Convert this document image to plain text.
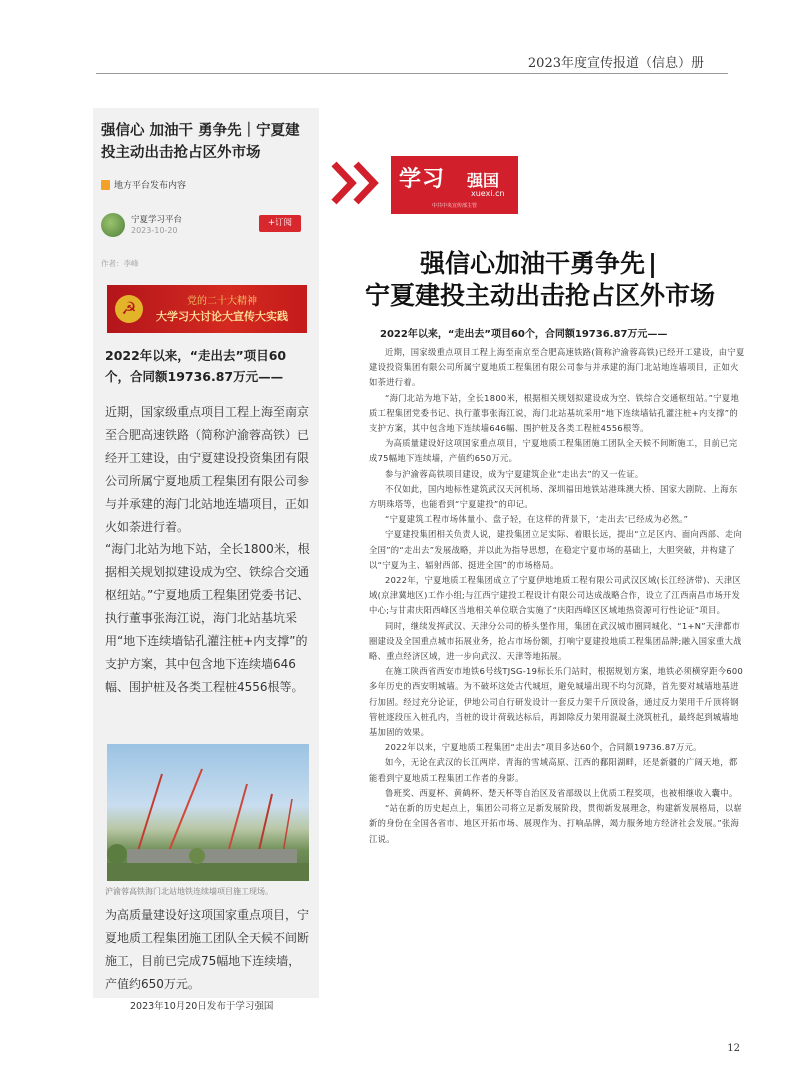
2023年度宣传报道（信息）册
强信心 加油干 勇争先｜宁夏建投主动出击抢占区外市场
地方平台发布内容
宁夏学习平台
2023-10-20
+订阅
作者：李峰
☭	党的二十大精神
大学习大讨论大宣传大实践
2022年以来，“走出去”项目60个，合同额19736.87万元——
近期，国家级重点项目工程上海至南京至合肥高速铁路（简称沪渝蓉高铁）已经开工建设，由宁夏建设投资集团有限公司所属宁夏地质工程集团有限公司参与并承建的海门北站地连墙项目，正如火如荼进行着。
“海门北站为地下站，全长1800米，根据相关规划拟建设成为空、铁综合交通枢纽站。”宁夏地质工程集团党委书记、执行董事张海江说，海门北站基坑采用“地下连续墙钻孔灌注桩+内支撑”的支护方案，其中包含地下连续墙646幅、围护桩及各类工程桩4556根等。
沪渝蓉高铁海门北站地铁连续墙项目施工现场。
为高质量建设好这项国家重点项目，宁夏地质工程集团施工团队全天候不间断施工，目前已完成75幅地下连续墙，产值约650万元。
2023年10月20日发布于学习强国
学习 强国
xuexi.cn
中共中央宣传部主管
强信心加油干勇争先|
宁夏建投主动出击抢占区外市场
2022年以来，“走出去”项目60个，合同额19736.87万元——

近期，国家级重点项目工程上海至南京至合肥高速铁路(简称沪渝蓉高铁)已经开工建设，由宁夏建设投资集团有限公司所属宁夏地质工程集团有限公司参与并承建的海门北站地连墙项目，正如火如荼进行着。

“海门北站为地下站，全长1800米，根据相关规划拟建设成为空、铁综合交通枢纽站。”宁夏地质工程集团党委书记、执行董事张海江说，海门北站基坑采用“地下连续墙钻孔灌注桩+内支撑”的支护方案，其中包含地下连续墙646幅、围护桩及各类工程桩4556根等。

为高质量建设好这项国家重点项目，宁夏地质工程集团施工团队全天候不间断施工，目前已完成75幅地下连续墙，产值约650万元。

参与沪渝蓉高铁项目建设，成为宁夏建筑企业“走出去”的又一佐证。

不仅如此，国内地标性建筑武汉天河机场、深圳福田地铁站港珠澳大桥、国家大剧院、上海东方明珠塔等，也能看到“宁夏建投”的印记。

“宁夏建筑工程市场体量小、盘子轻，在这样的背景下，‘走出去’已经成为必然。”

宁夏建投集团相关负责人说，建投集团立足实际、着眼长远，提出“立足区内、面向西部、走向全国”的“走出去”发展战略，并以此为指导思想，在稳定宁夏市场的基础上，大胆突破，并构建了以“宁夏为主、辐射西部、挺进全国”的市场格局。

2022年，宁夏地质工程集团成立了宁夏伊地地质工程有限公司武汉区域(长江经济带)、天津区域(京津冀地区)工作小组;与江西宁建投工程设计有限公司达成战略合作，设立了江西南昌市场开发中心;与甘肃庆阳西峰区当地相关单位联合实施了“庆阳西峰区区域地热资源可行性论证”项目。

同时，继续发挥武汉、天津分公司的桥头堡作用，集团在武汉城市圈同城化、“1+N”天津都市圈建设及全国重点城市拓展业务，抢占市场份额，打响宁夏建投地质工程集团品牌;融入国家重大战略、重点经济区域，进一步向武汉、天津等地拓展。

在施工陕西省西安市地铁6号线TJSG-19标长乐门站时，根据规划方案，地铁必须横穿距今600多年历史的西安明城墙。为不破坏这处古代城垣，避免城墙出现不均匀沉降，首先要对城墙地基进行加固。经过充分论证，伊地公司自行研发设计一套反力架千斤顶设备，通过反力架用千斤顶将钢管桩逐段压入桩孔内，当桩的设计荷载达标后，再卸除反力架用混凝土浇筑桩孔，最终起到城墙地基加固的效果。

2022年以来，宁夏地质工程集团“走出去”项目多达60个，合同额19736.87万元。

如今，无论在武汉的长江两岸、青海的雪域高原、江西的鄱阳湖畔，还是新疆的广阔天地，都能看到宁夏地质工程集团工作者的身影。

鲁班奖、西夏杯、黄鹤杯、楚天杯等自治区及省部级以上优质工程奖项，也被相继收入囊中。

“站在新的历史起点上，集团公司将立足新发展阶段，贯彻新发展理念，构建新发展格局，以崭新的身份在全国各省市、地区开拓市场、展现作为、打响品牌，竭力服务地方经济社会发展。”张海江说。

12
